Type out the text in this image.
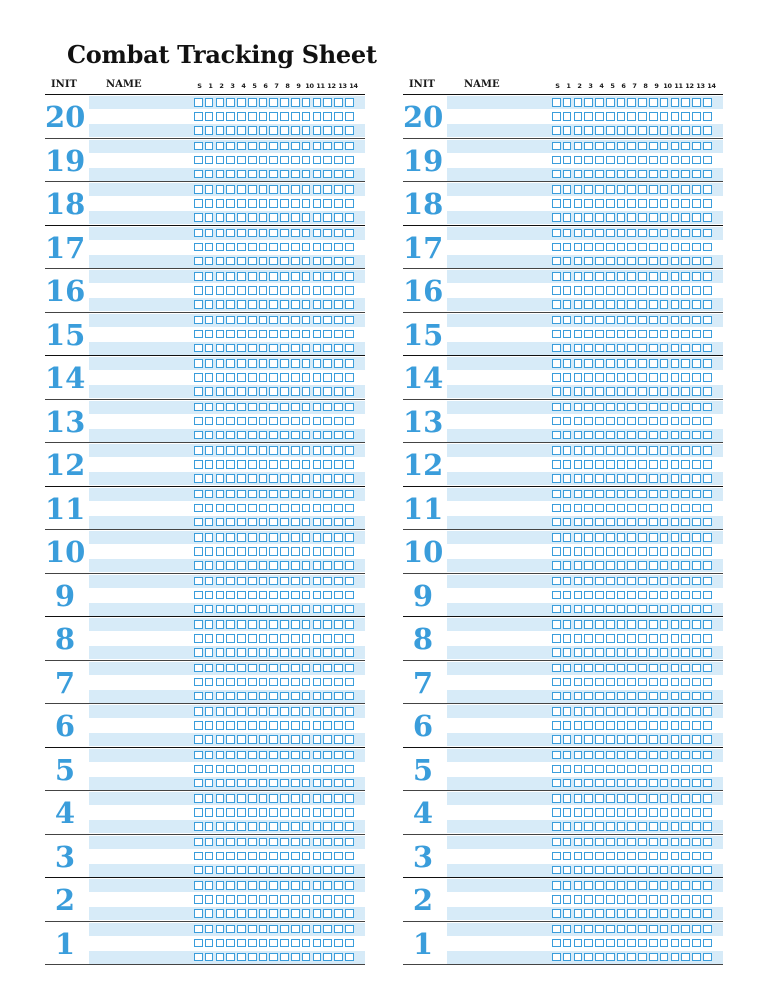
Combat Tracking Sheet
INIT	NAME	S	1	2	3	4	5	6	7	8	9 10 11 12 13 14
20
19
18
17
16
15
14
13
12
11
10
9
8
7
6
5
4
3
2
1
INIT	NAME	S	1	2	3	4	5	6	7	8	9 10 11 12 13 14
20
19
18
17
16
15
14
13
12
11
10
9
8
7
6
5
4
3
2
1
